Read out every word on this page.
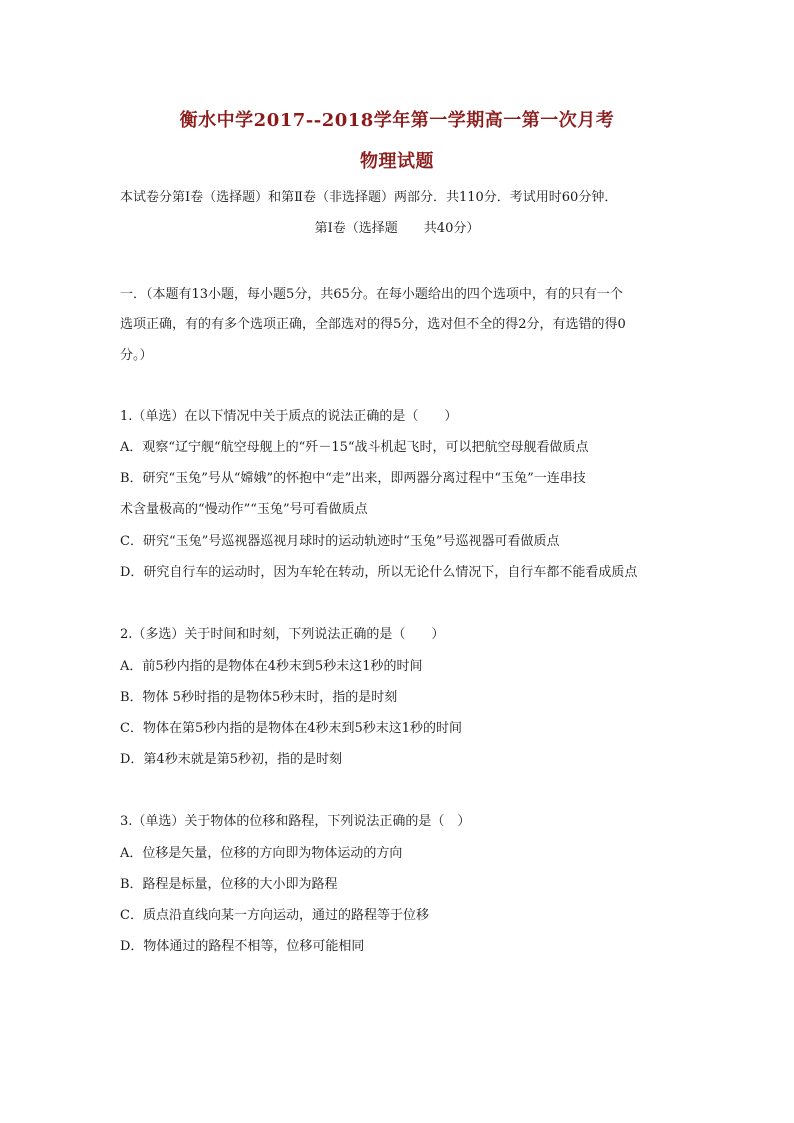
衡水中学2017--2018学年第一学期高一第一次月考
物理试题
本试卷分第Ⅰ卷（选择题）和第Ⅱ卷（非选择题）两部分．共110分．考试用时60分钟．
第Ⅰ卷（选择题　　共40分）
一．（本题有13小题，每小题5分，共65分。在每小题给出的四个选项中，有的只有一个
选项正确，有的有多个选项正确，全部选对的得5分，选对但不全的得2分，有选错的得0
分。）
1.（单选）在以下情况中关于质点的说法正确的是（　　）
A．观察“辽宁舰“航空母舰上的“歼－15“战斗机起飞时，可以把航空母舰看做质点
B．研究“玉兔”号从“嫦娥”的怀抱中“走”出来，即两器分离过程中“玉兔”一连串技
术含量极高的“慢动作”“玉兔”号可看做质点
C．研究“玉兔”号巡视器巡视月球时的运动轨迹时“玉兔”号巡视器可看做质点
D．研究自行车的运动时，因为车轮在转动，所以无论什么情况下，自行车都不能看成质点
2.（多选）关于时间和时刻，下列说法正确的是（　　）
A．前5秒内指的是物体在4秒末到5秒末这1秒的时间
B．物体 5秒时指的是物体5秒末时，指的是时刻
C．物体在第5秒内指的是物体在4秒末到5秒末这1秒的时间
D．第4秒末就是第5秒初，指的是时刻
3.（单选）关于物体的位移和路程，下列说法正确的是（　）
A．位移是矢量，位移的方向即为物体运动的方向
B．路程是标量，位移的大小即为路程
C．质点沿直线向某一方向运动，通过的路程等于位移
D．物体通过的路程不相等，位移可能相同
